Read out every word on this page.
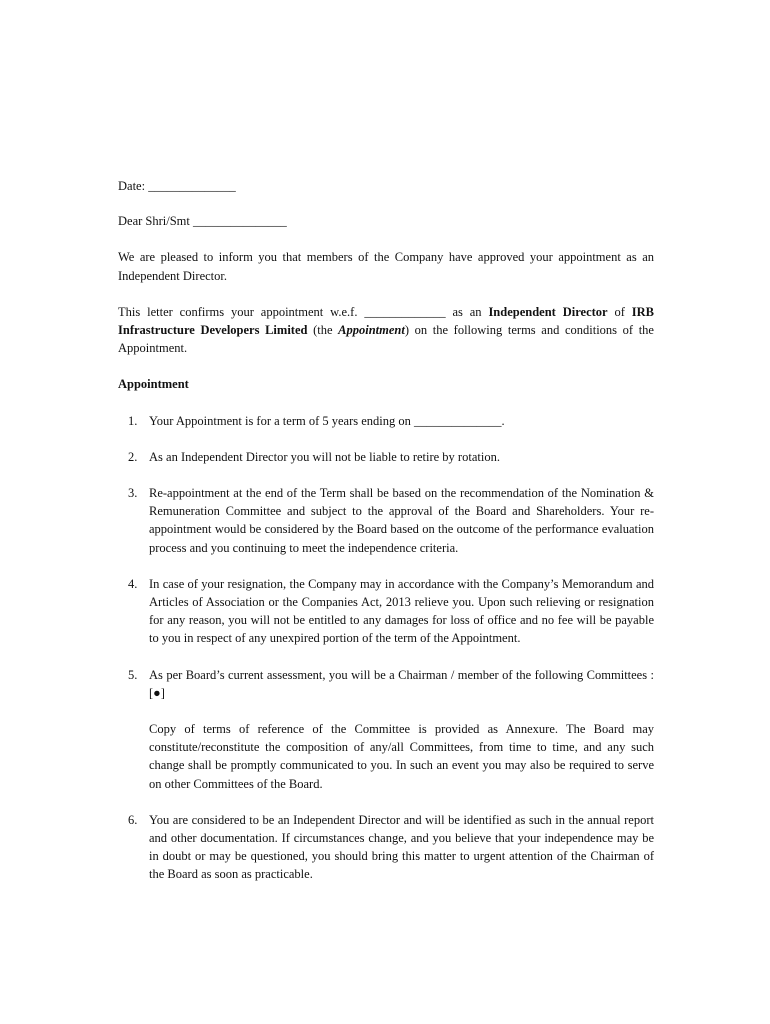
Date: ______________
Dear Shri/Smt _______________
We are pleased to inform you that members of the Company have approved your appointment as an Independent Director.
This letter confirms your appointment w.e.f. _____________ as an Independent Director of IRB Infrastructure Developers Limited (the Appointment) on the following terms and conditions of the Appointment.
Appointment
1. Your Appointment is for a term of 5 years ending on ______________.
2. As an Independent Director you will not be liable to retire by rotation.
3. Re-appointment at the end of the Term shall be based on the recommendation of the Nomination & Remuneration Committee and subject to the approval of the Board and Shareholders. Your re-appointment would be considered by the Board based on the outcome of the performance evaluation process and you continuing to meet the independence criteria.
4. In case of your resignation, the Company may in accordance with the Company’s Memorandum and Articles of Association or the Companies Act, 2013 relieve you. Upon such relieving or resignation for any reason, you will not be entitled to any damages for loss of office and no fee will be payable to you in respect of any unexpired portion of the term of the Appointment.
5. As per Board’s current assessment, you will be a Chairman / member of the following Committees : [●]
Copy of terms of reference of the Committee is provided as Annexure. The Board may constitute/reconstitute the composition of any/all Committees, from time to time, and any such change shall be promptly communicated to you. In such an event you may also be required to serve on other Committees of the Board.
6. You are considered to be an Independent Director and will be identified as such in the annual report and other documentation. If circumstances change, and you believe that your independence may be in doubt or may be questioned, you should bring this matter to urgent attention of the Chairman of the Board as soon as practicable.
